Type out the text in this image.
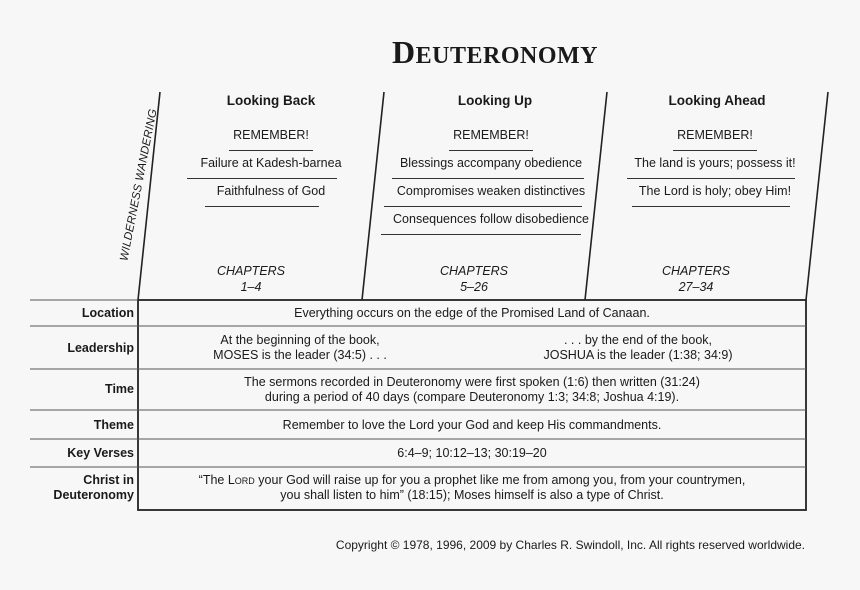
DEUTERONOMY
WILDERNESS WANDERING
Looking Back
REMEMBER!
Failure at Kadesh-barnea
Faithfulness of God
CHAPTERS
1–4
Looking Up
REMEMBER!
Blessings accompany obedience
Compromises weaken distinctives
Consequences follow disobedience
CHAPTERS
5–26
Looking Ahead
REMEMBER!
The land is yours; possess it!
The Lord is holy; obey Him!
CHAPTERS
27–34
Location
Leadership
Time
Theme
Key Verses
Christ in
Deuteronomy
Everything occurs on the edge of the Promised Land of Canaan.
At the beginning of the book,
MOSES is the leader (34:5) . . .
. . . by the end of the book,
JOSHUA is the leader (1:38; 34:9)
The sermons recorded in Deuteronomy were first spoken (1:6) then written (31:24)
during a period of 40 days (compare Deuteronomy 1:3; 34:8; Joshua 4:19).
Remember to love the Lord your God and keep His commandments.
6:4–9; 10:12–13; 30:19–20
“The Lord your God will raise up for you a prophet like me from among you, from your countrymen,
you shall listen to him” (18:15); Moses himself is also a type of Christ.
Copyright © 1978, 1996, 2009 by Charles R. Swindoll, Inc. All rights reserved worldwide.
